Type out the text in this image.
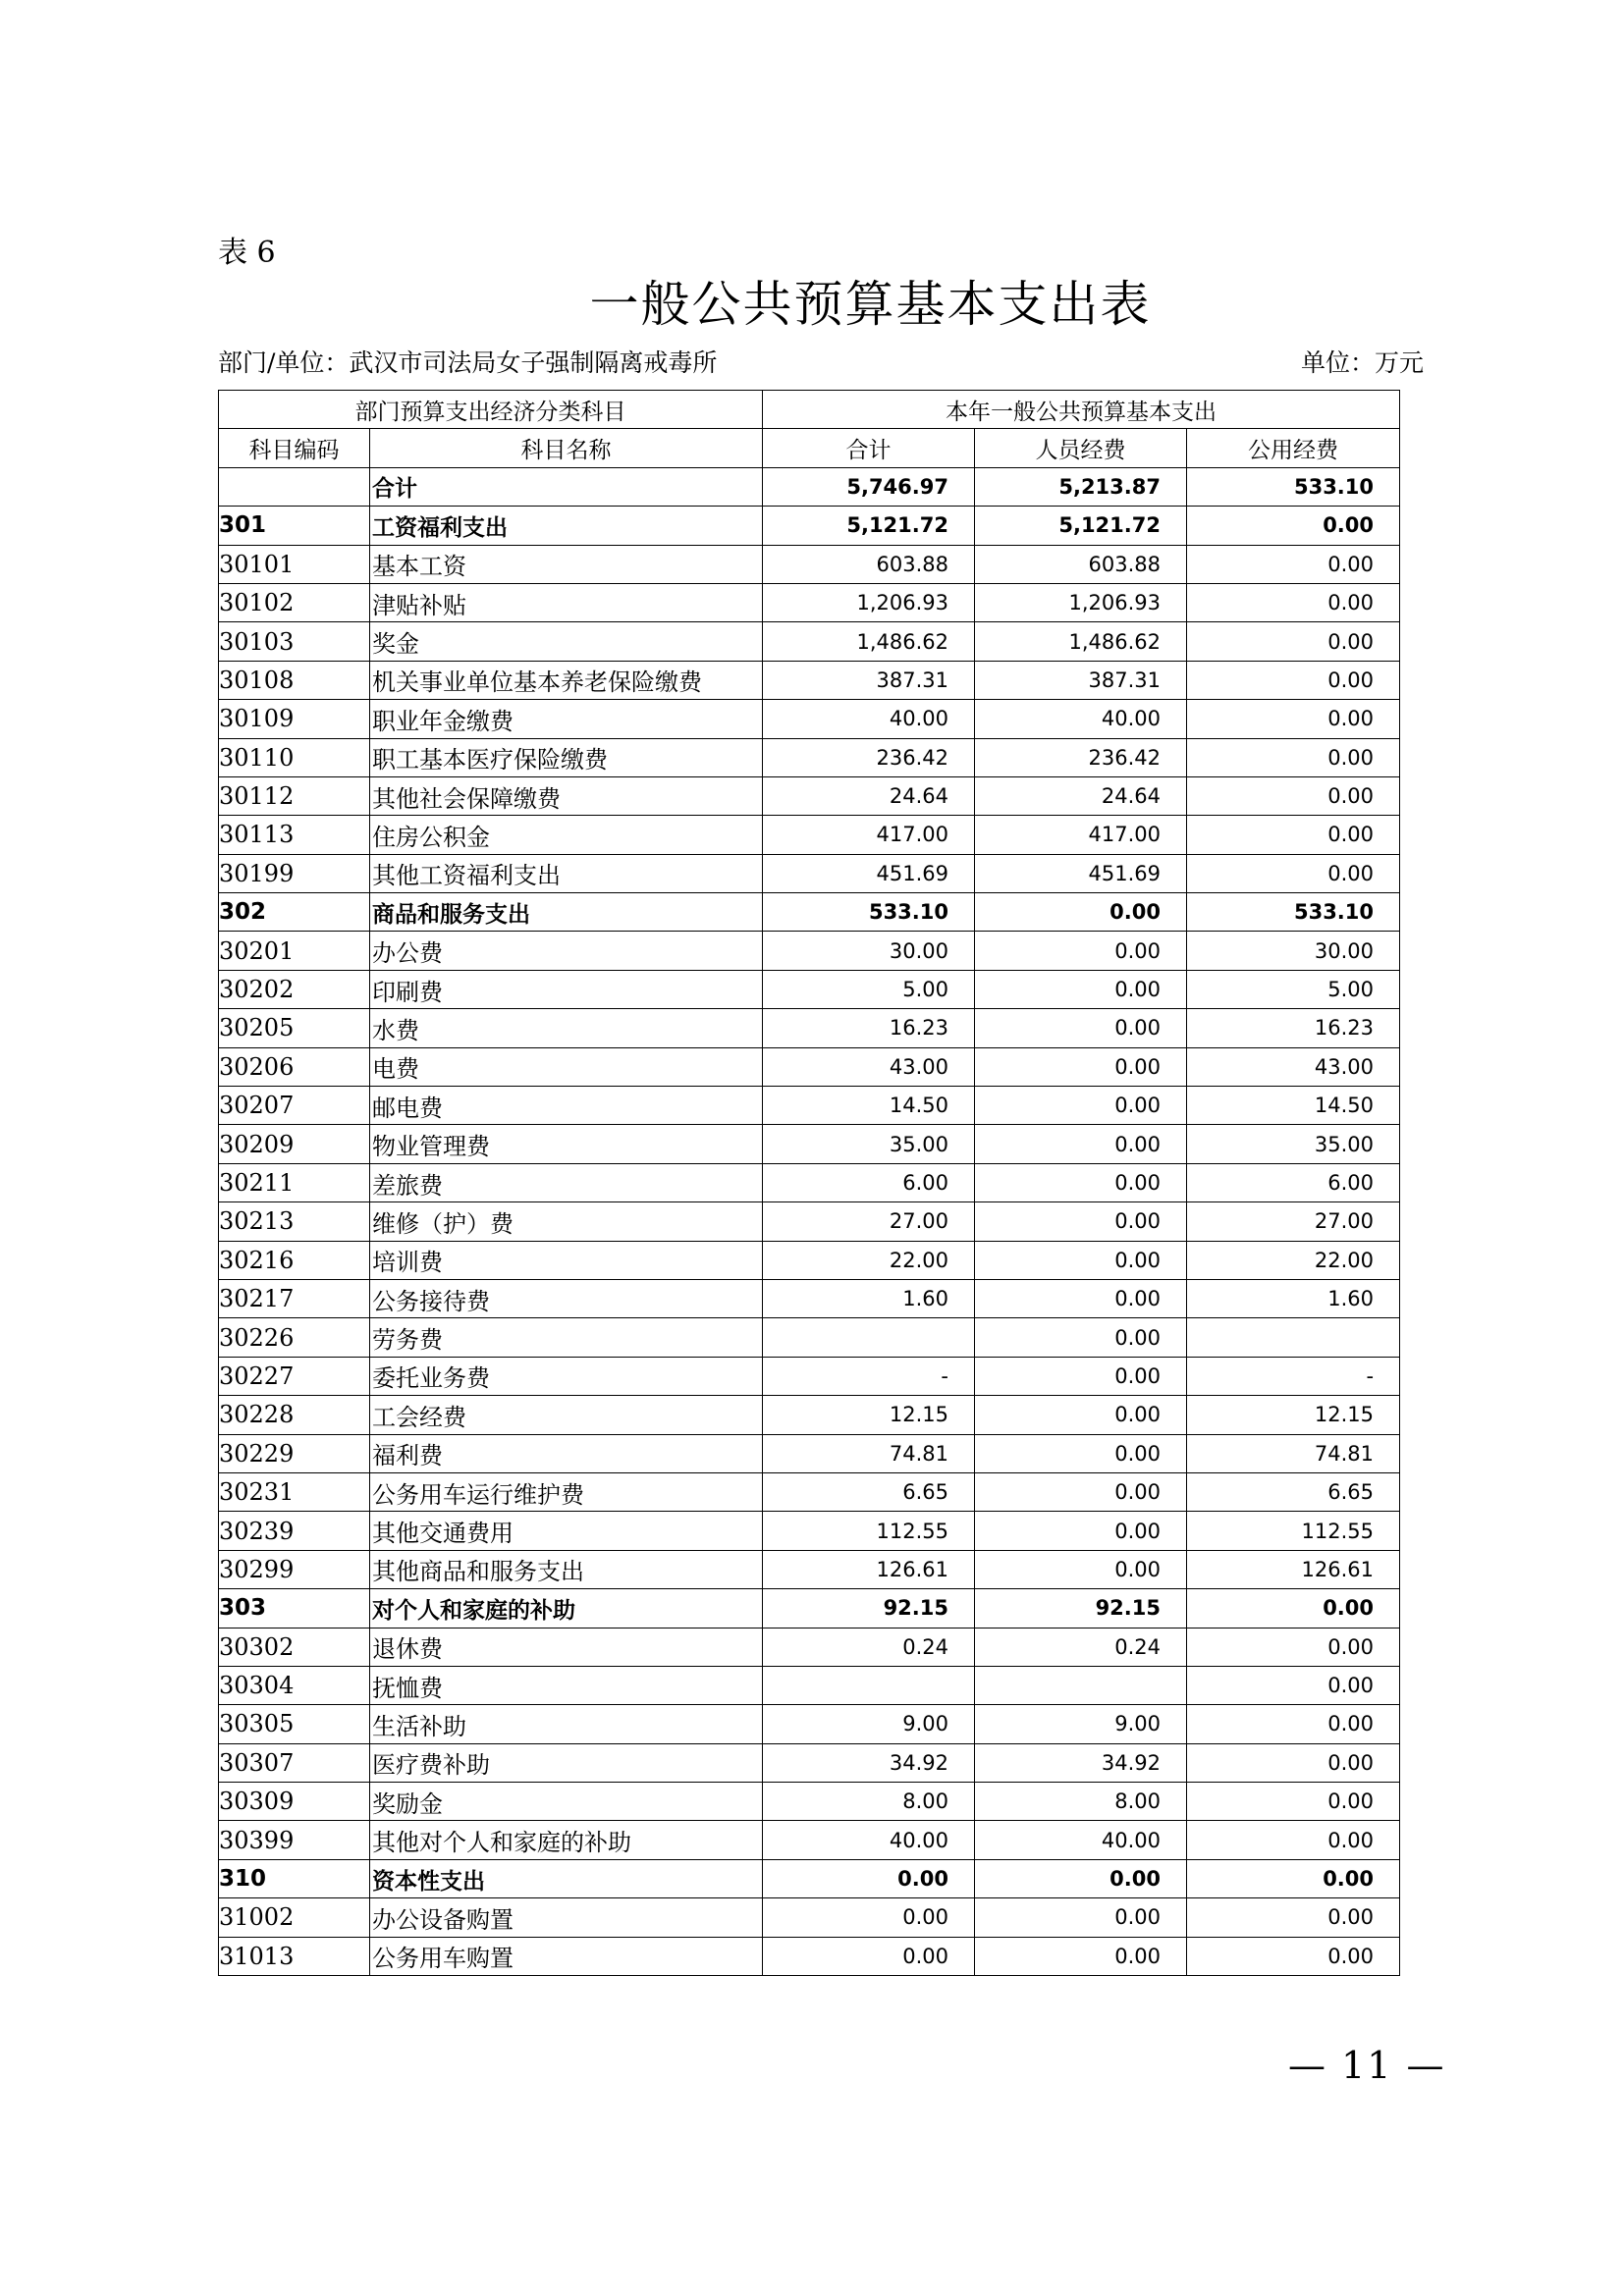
表 6
一般公共预算基本支出表
部门/单位：武汉市司法局女子强制隔离戒毒所	单位：万元
部门预算支出经济分类科目		本年一般公共预算基本支出		
科目编码	科目名称	合计	人员经费	公用经费
	合计	5,746.97	5,213.87	533.10
301	工资福利支出	5,121.72	5,121.72	0.00
30101	基本工资	603.88	603.88	0.00
30102	津贴补贴	1,206.93	1,206.93	0.00
30103	奖金	1,486.62	1,486.62	0.00
30108	机关事业单位基本养老保险缴费	387.31	387.31	0.00
30109	职业年金缴费	40.00	40.00	0.00
30110	职工基本医疗保险缴费	236.42	236.42	0.00
30112	其他社会保障缴费	24.64	24.64	0.00
30113	住房公积金	417.00	417.00	0.00
30199	其他工资福利支出	451.69	451.69	0.00
302	商品和服务支出	533.10	0.00	533.10
30201	办公费	30.00	0.00	30.00
30202	印刷费	5.00	0.00	5.00
30205	水费	16.23	0.00	16.23
30206	电费	43.00	0.00	43.00
30207	邮电费	14.50	0.00	14.50
30209	物业管理费	35.00	0.00	35.00
30211	差旅费	6.00	0.00	6.00
30213	维修（护）费	27.00	0.00	27.00
30216	培训费	22.00	0.00	22.00
30217	公务接待费	1.60	0.00	1.60
30226	劳务费		0.00	
30227	委托业务费	-	0.00	-
30228	工会经费	12.15	0.00	12.15
30229	福利费	74.81	0.00	74.81
30231	公务用车运行维护费	6.65	0.00	6.65
30239	其他交通费用	112.55	0.00	112.55
30299	其他商品和服务支出	126.61	0.00	126.61
303	对个人和家庭的补助	92.15	92.15	0.00
30302	退休费	0.24	0.24	0.00
30304	抚恤费			0.00
30305	生活补助	9.00	9.00	0.00
30307	医疗费补助	34.92	34.92	0.00
30309	奖励金	8.00	8.00	0.00
30399	其他对个人和家庭的补助	40.00	40.00	0.00
310	资本性支出	0.00	0.00	0.00
31002	办公设备购置	0.00	0.00	0.00
31013	公务用车购置	0.00	0.00	0.00
— 11 —
